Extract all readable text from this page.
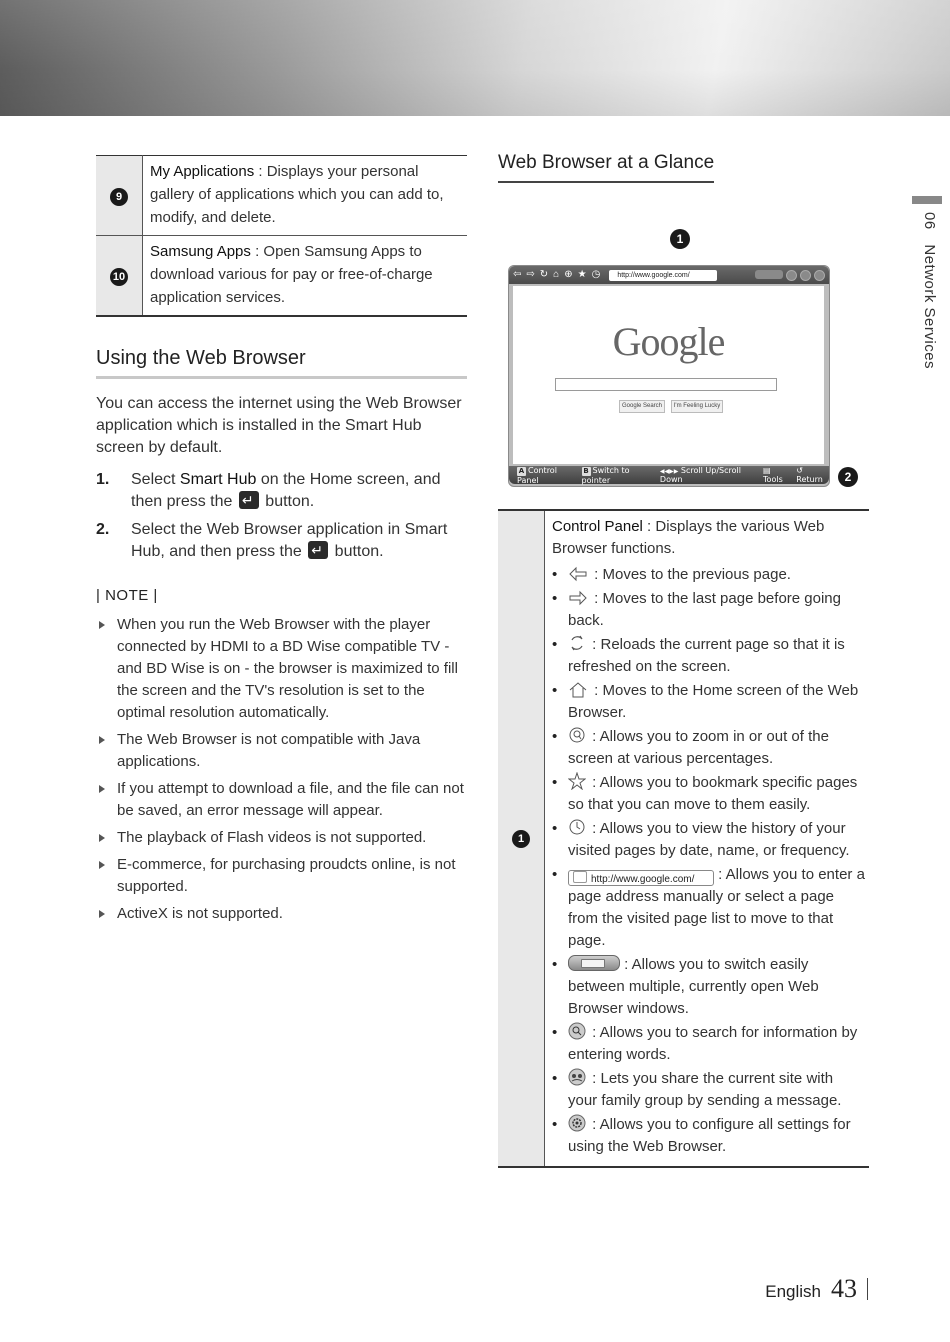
06 Network Services
9	My Applications : Displays your personal gallery of applications which you can add to, modify, and delete.
10	Samsung Apps : Open Samsung Apps to download various for pay or free-of-charge application services.
Using the Web Browser

You can access the internet using the Web Browser application which is installed in the Smart Hub screen by default.

1. Select Smart Hub on the Home screen, and then press the ↵ button.
2. Select the Web Browser application in Smart Hub, and then press the ↵ button.
| NOTE |
When you run the Web Browser with the player connected by HDMI to a BD Wise compatible TV - and BD Wise is on - the browser is maximized to fill the screen and the TV's resolution is set to the optimal resolution automatically.
The Web Browser is not compatible with Java applications.
If you attempt to download a file, and the file can not be saved, an error message will appear.
The playback of Flash videos is not supported.
E-commerce, for purchasing proudcts online, is not supported.
ActiveX is not supported.
Web Browser at a Glance
1
2
⇦ ⇨ ↻ ⌂ ⊕ ★ ◷	http://www.google.com/
Google
Google Search	I'm Feeling Lucky
A Control Panel
B Switch to pointer
◀◀▶▶ Scroll Up/Scroll Down
▤ Tools
↺ Return
1	
Control Panel : Displays the various Web Browser functions.
• : Moves to the previous page.
• : Moves to the last page before going back.
• : Reloads the current page so that it is refreshed on the screen.
• : Moves to the Home screen of the Web Browser.
• : Allows you to zoom in or out of the screen at various percentages.
• : Allows you to bookmark specific pages so that you can move to them easily.
• : Allows you to view the history of your visited pages by date, name, or frequency.
• http://www.google.com/ : Allows you to enter a page address manually or select a page from the visited page list to move to that page.
• : Allows you to switch easily between multiple, currently open Web Browser windows.
• : Allows you to search for information by entering words.
• : Lets you share the current site with your family group by sending a message.
• : Allows you to configure all settings for using the Web Browser.
English 43
